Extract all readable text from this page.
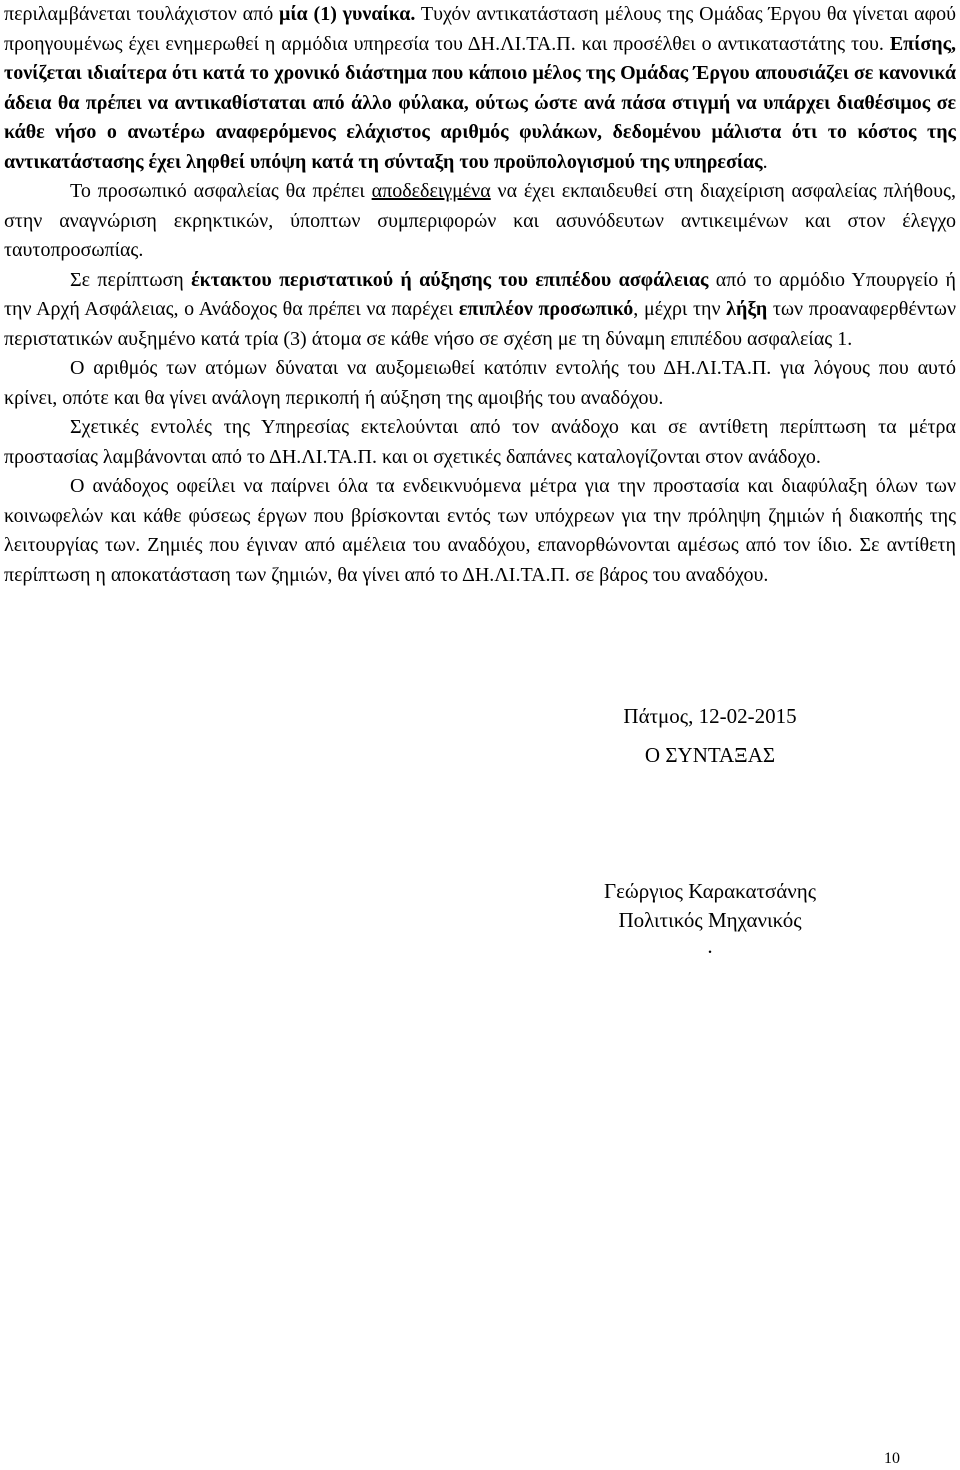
περιλαμβάνεται τουλάχιστον από μία (1) γυναίκα. Τυχόν αντικατάσταση μέλους της Ομάδας Έργου θα γίνεται αφού προηγουμένως έχει ενημερωθεί η αρμόδια υπηρεσία του ΔΗ.ΛΙ.ΤΑ.Π. και προσέλθει ο αντικαταστάτης του. Επίσης, τονίζεται ιδιαίτερα ότι κατά το χρονικό διάστημα που κάποιο μέλος της Ομάδας Έργου απουσιάζει σε κανονικά άδεια θα πρέπει να αντικαθίσταται από άλλο φύλακα, ούτως ώστε ανά πάσα στιγμή να υπάρχει διαθέσιμος σε κάθε νήσο ο ανωτέρω αναφερόμενος ελάχιστος αριθμός φυλάκων, δεδομένου μάλιστα ότι το κόστος της αντικατάστασης έχει ληφθεί υπόψη κατά τη σύνταξη του προϋπολογισμού της υπηρεσίας.

Το προσωπικό ασφαλείας θα πρέπει αποδεδειγμένα να έχει εκπαιδευθεί στη διαχείριση ασφαλείας πλήθους, στην αναγνώριση εκρηκτικών, ύποπτων συμπεριφορών και ασυνόδευτων αντικειμένων και στον έλεγχο ταυτοπροσωπίας.

Σε περίπτωση έκτακτου περιστατικού ή αύξησης του επιπέδου ασφάλειας από το αρμόδιο Υπουργείο ή την Αρχή Ασφάλειας, ο Ανάδοχος θα πρέπει να παρέχει επιπλέον προσωπικό, μέχρι την λήξη των προαναφερθέντων περιστατικών αυξημένο κατά τρία (3) άτομα σε κάθε νήσο σε σχέση με τη δύναμη επιπέδου ασφαλείας 1.

Ο αριθμός των ατόμων δύναται να αυξομειωθεί κατόπιν εντολής του ΔΗ.ΛΙ.ΤΑ.Π. για λόγους που αυτό κρίνει, οπότε και θα γίνει ανάλογη περικοπή ή αύξηση της αμοιβής του αναδόχου.

Σχετικές εντολές της Υπηρεσίας εκτελούνται από τον ανάδοχο και σε αντίθετη περίπτωση τα μέτρα προστασίας λαμβάνονται από το ΔΗ.ΛΙ.ΤΑ.Π. και οι σχετικές δαπάνες καταλογίζονται στον ανάδοχο.

Ο ανάδοχος οφείλει να παίρνει όλα τα ενδεικνυόμενα μέτρα για την προστασία και διαφύλαξη όλων των κοινωφελών και κάθε φύσεως έργων που βρίσκονται εντός των υπόχρεων για την πρόληψη ζημιών ή διακοπής της λειτουργίας των. Ζημιές που έγιναν από αμέλεια του αναδόχου, επανορθώνονται αμέσως από τον ίδιο. Σε αντίθετη περίπτωση η αποκατάσταση των ζημιών, θα γίνει από το ΔΗ.ΛΙ.ΤΑ.Π. σε βάρος του αναδόχου.

Πάτμος, 12-02-2015
Ο ΣΥΝΤΑΞΑΣ
Γεώργιος Καρακατσάνης
Πολιτικός Μηχανικός
.
10
